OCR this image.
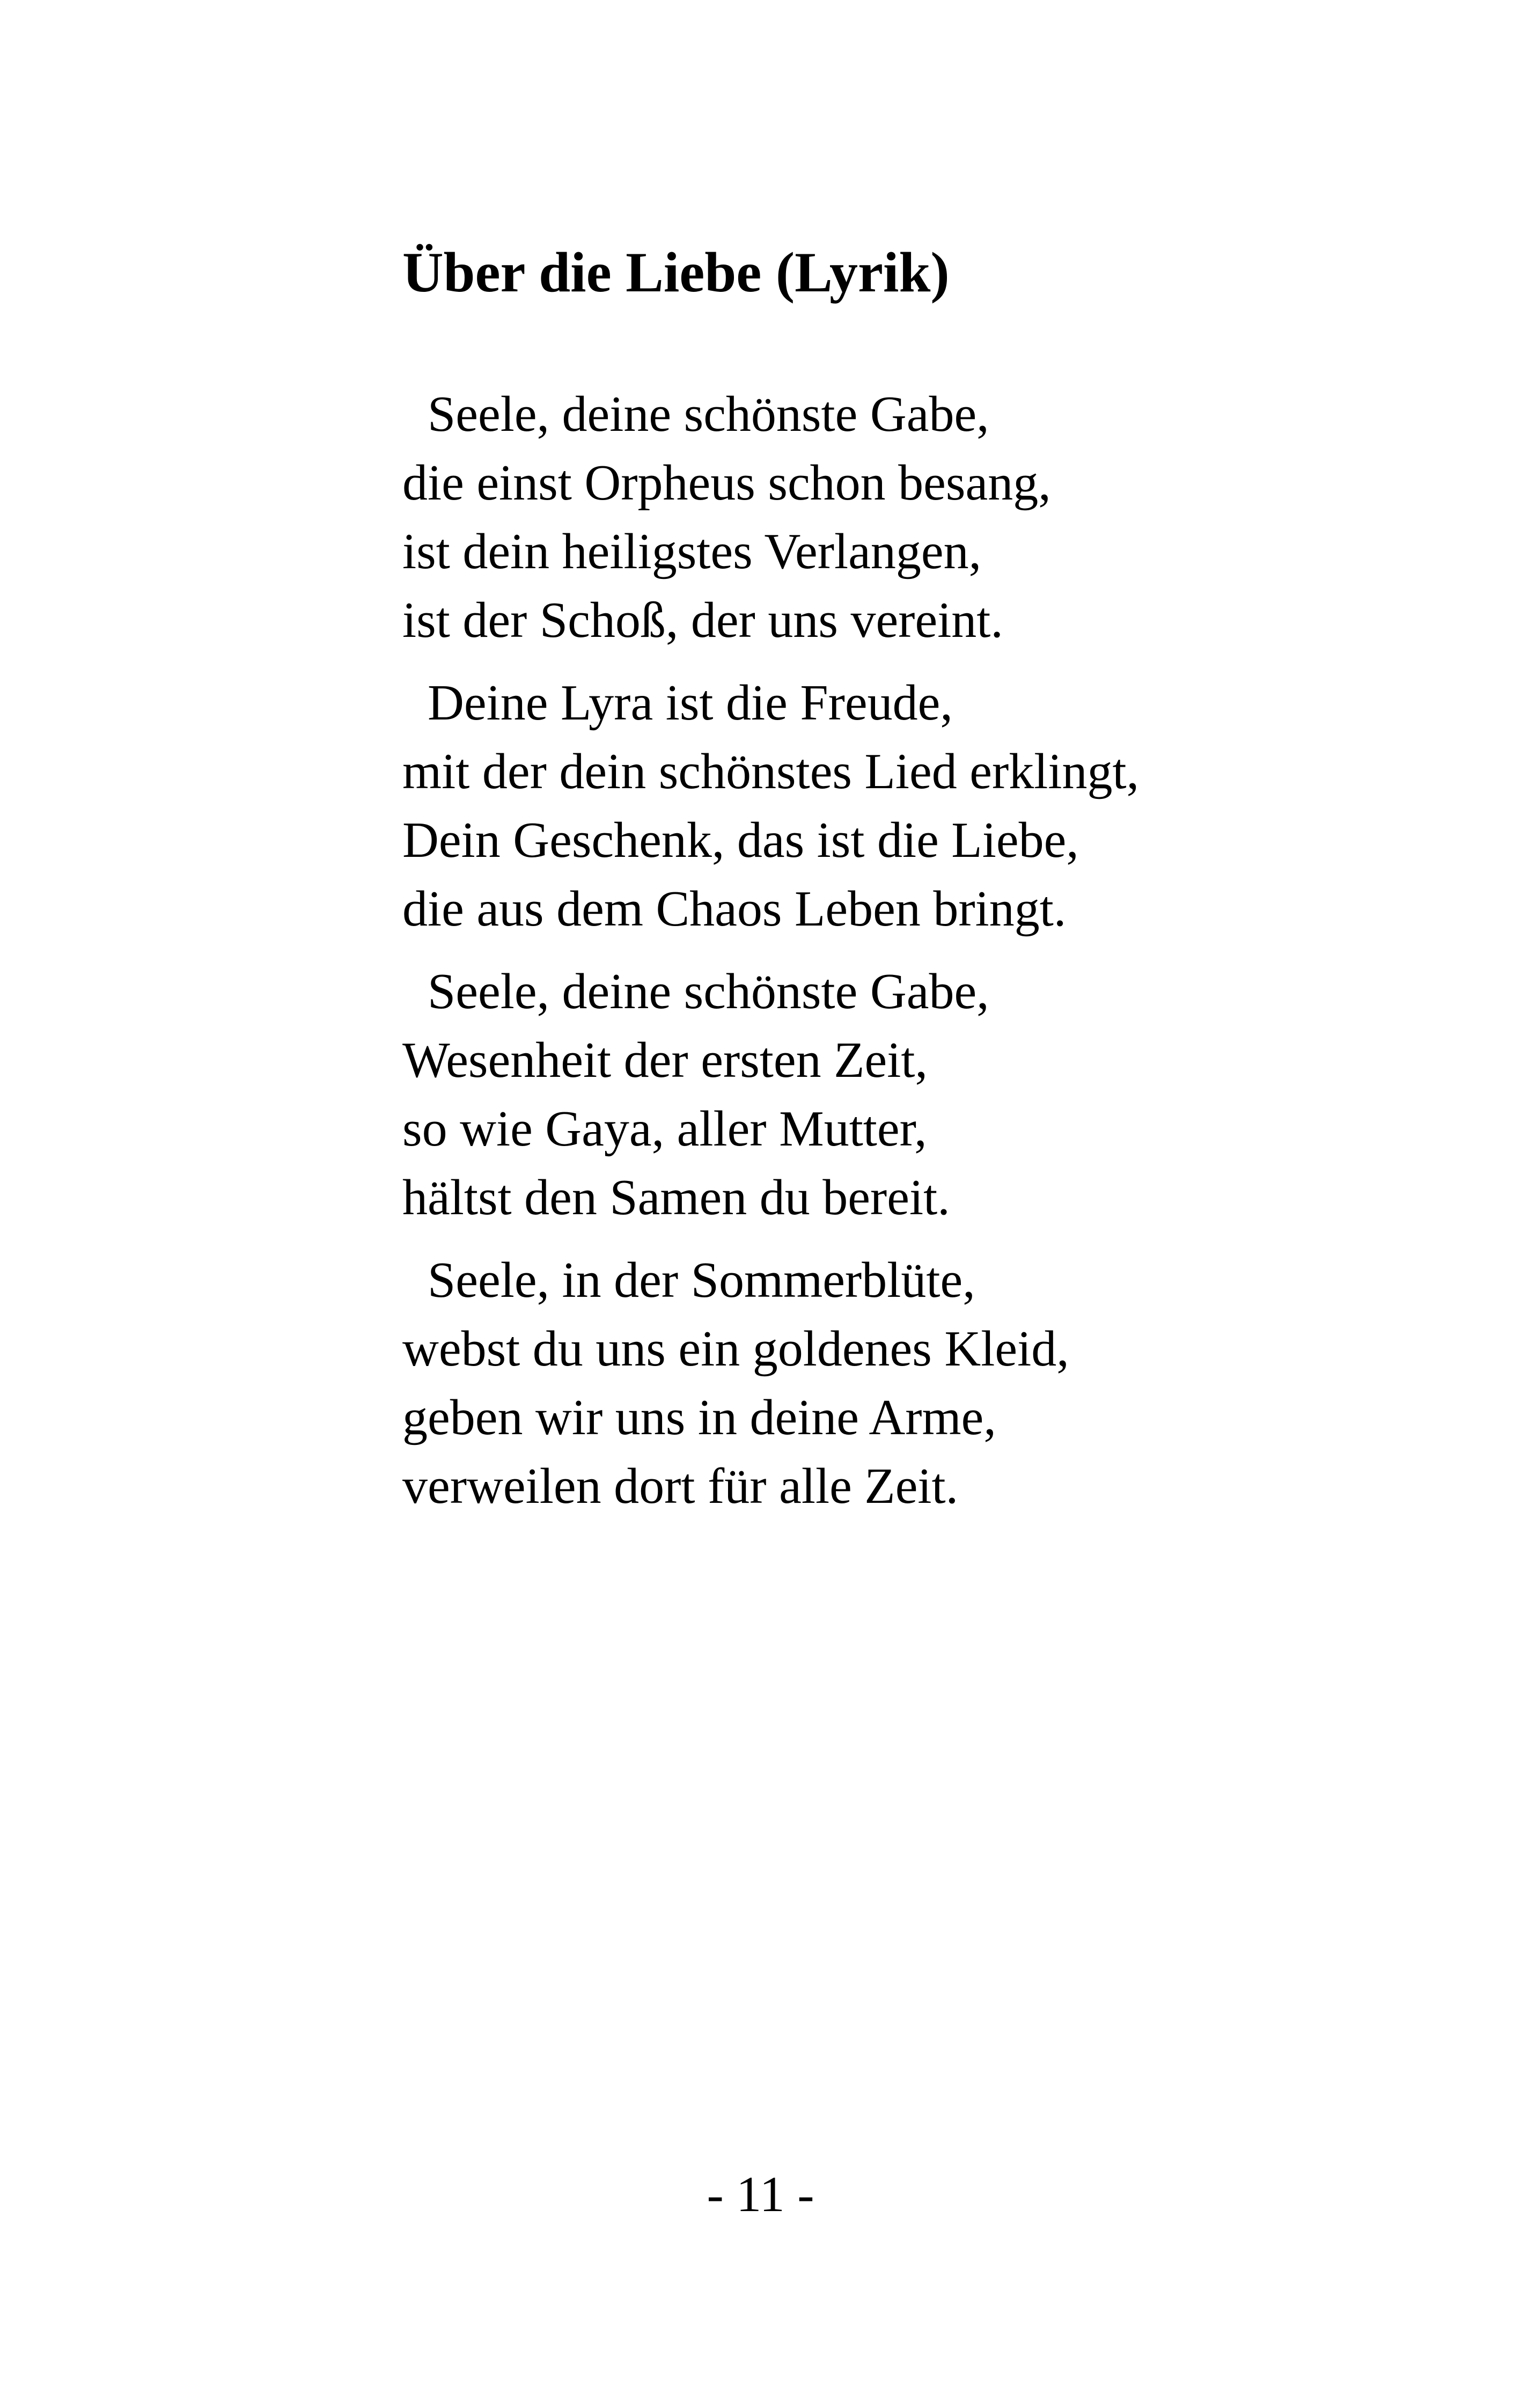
Über die Liebe (Lyrik)
Seele, deine schönste Gabe,
die einst Orpheus schon besang,
ist dein heiligstes Verlangen,
ist der Schoß, der uns vereint.
Deine Lyra ist die Freude,
mit der dein schönstes Lied erklingt,
Dein Geschenk, das ist die Liebe,
die aus dem Chaos Leben bringt.
Seele, deine schönste Gabe,
Wesenheit der ersten Zeit,
so wie Gaya, aller Mutter,
hältst den Samen du bereit.
Seele, in der Sommerblüte,
webst du uns ein goldenes Kleid,
geben wir uns in deine Arme,
verweilen dort für alle Zeit.
- 11 -
